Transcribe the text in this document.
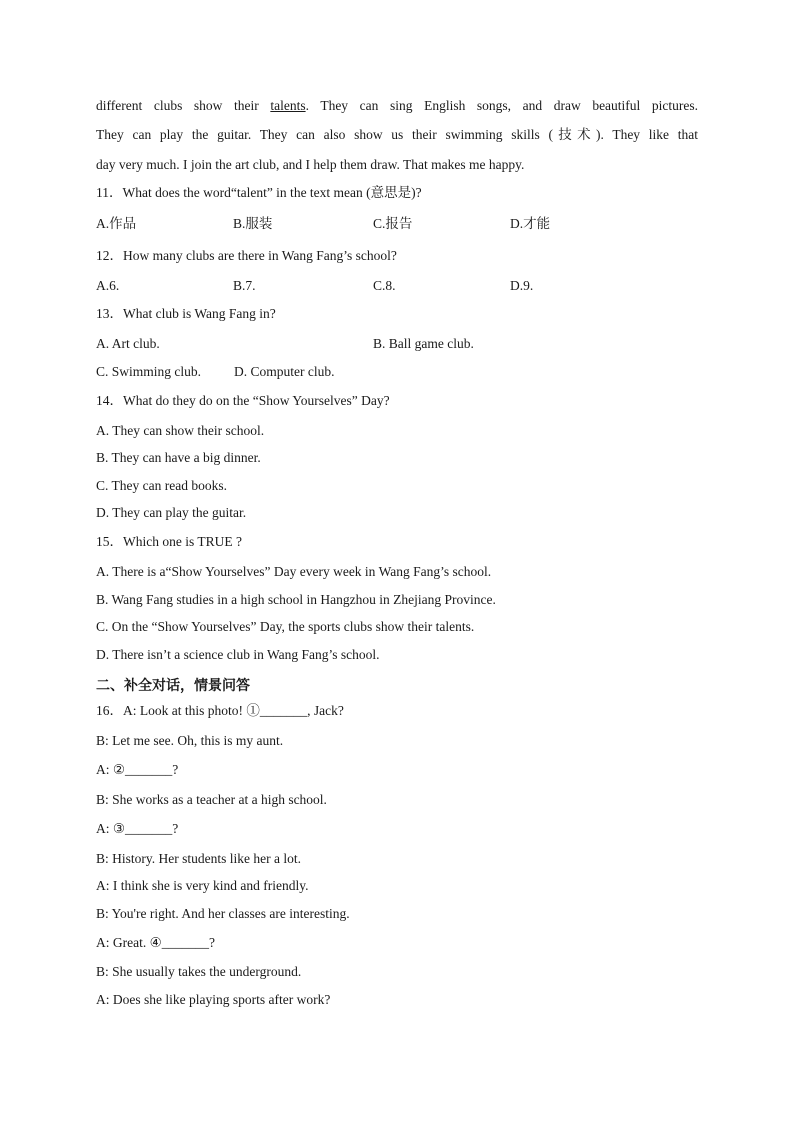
different clubs show their talents. They can sing English songs, and draw beautiful pictures.
They can play the guitar. They can also show us their swimming skills (技术). They like that
day very much. I join the art club, and I help them draw. That makes me happy.
11．What does the word“talent” in the text mean (意思是)?
A.作品	B.服装	C.报告	D.才能
12．How many clubs are there in Wang Fang’s school?
A.6.	B.7.	C.8.	D.9.
13．What club is Wang Fang in?
A. Art club.	B. Ball game club.
C. Swimming club. D. Computer club.
14．What do they do on the “Show Yourselves” Day?
A. They can show their school.
B. They can have a big dinner.
C. They can read books.
D. They can play the guitar.
15．Which one is TRUE ?
A. There is a“Show Yourselves” Day every week in Wang Fang’s school.
B. Wang Fang studies in a high school in Hangzhou in Zhejiang Province.
C. On the “Show Yourselves” Day, the sports clubs show their talents.
D. There isn’t a science club in Wang Fang’s school.
二、补全对话，情景问答
16．A: Look at this photo! ①_______, Jack?
B: Let me see. Oh, this is my aunt.
A: ②_______?
B: She works as a teacher at a high school.
A: ③_______?
B: History. Her students like her a lot.
A: I think she is very kind and friendly.
B: You're right. And her classes are interesting.
A: Great. ④_______?
B: She usually takes the underground.
A: Does she like playing sports after work?
